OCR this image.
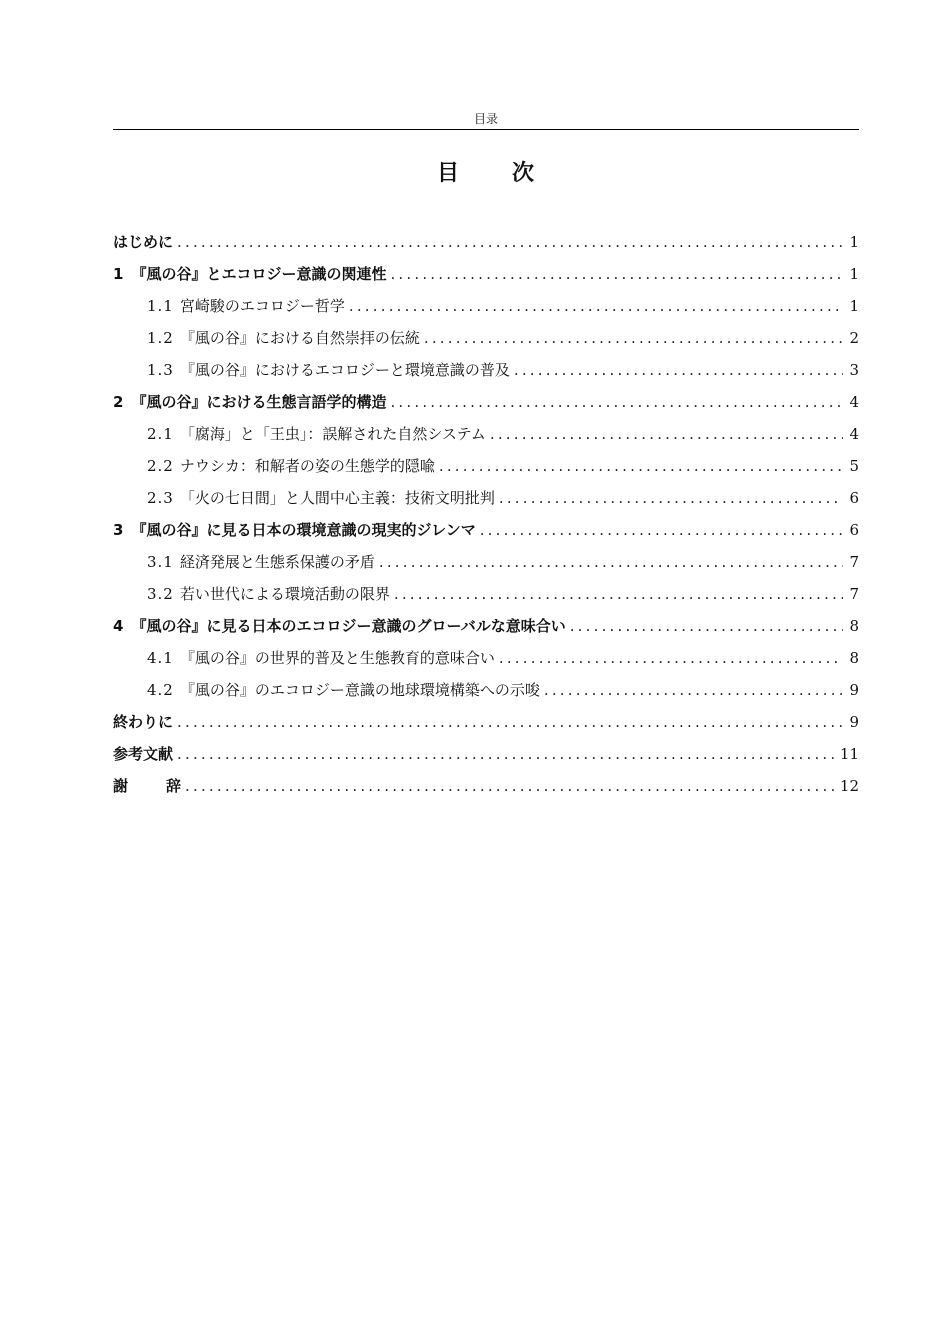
目录
目 次
はじめに .....	1
1 『風の谷』とエコロジー意識の関連性 .....	1
1.1 宮崎駿のエコロジー哲学 .....	1
1.2 『風の谷』における自然崇拝の伝統 .....	2
1.3 『風の谷』におけるエコロジーと環境意識の普及 .....	3
2 『風の谷』における生態言語学的構造 .....	4
2.1 「腐海」と「王虫」：誤解された自然システム .....	4
2.2 ナウシカ：和解者の姿の生態学的隠喩 .....	5
2.3 「火の七日間」と人間中心主義：技術文明批判 .....	6
3 『風の谷』に見る日本の環境意識の現実的ジレンマ .....	6
3.1 経済発展と生態系保護の矛盾 .....	7
3.2 若い世代による環境活動の限界 .....	7
4 『風の谷』に見る日本のエコロジー意識のグローバルな意味合い .....	8
4.1 『風の谷』の世界的普及と生態教育的意味合い .....	8
4.2 『風の谷』のエコロジー意識の地球環境構築への示唆 .....	9
終わりに .....	9
参考文献 .....	11
謝	辞 .....	12
